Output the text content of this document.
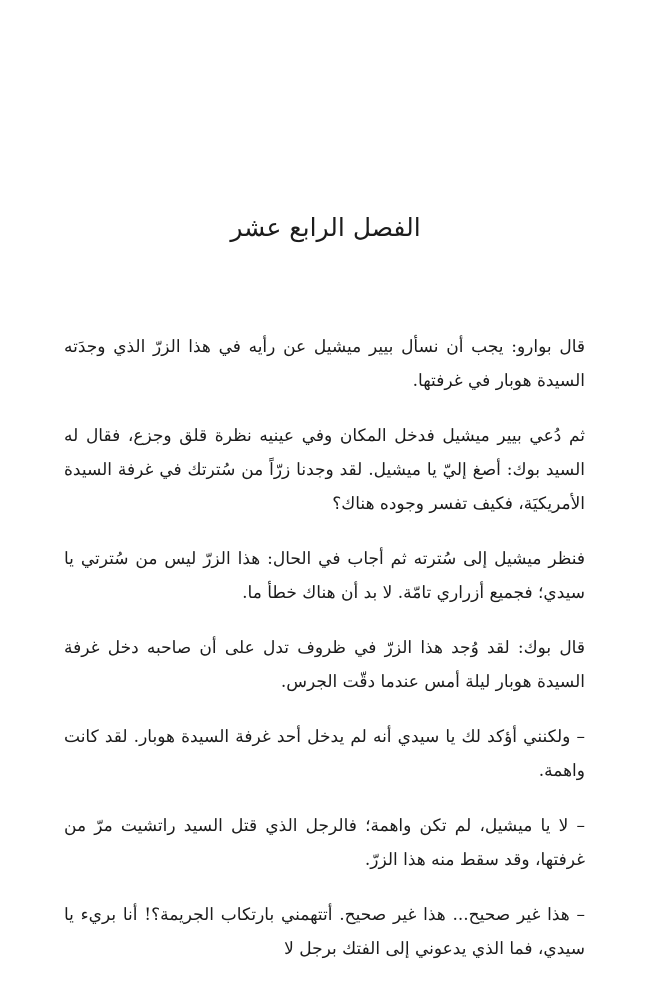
الفصل الرابع عشر

قال بوارو: يجب أن نسأل بيير ميشيل عن رأيه في هذا الزرّ الذي وجدَته السيدة هوبار في غرفتها.

ثم دُعي بيير ميشيل فدخل المكان وفي عينيه نظرة قلق وجزع، فقال له السيد بوك: أصغ إليّ يا ميشيل. لقد وجدنا زرّاً من سُترتك في غرفة السيدة الأمريكيَة، فكيف تفسر وجوده هناك؟

فنظر ميشيل إلى سُترته ثم أجاب في الحال: هذا الزرّ ليس من سُترتي يا سيدي؛ فجميع أزراري تامّة. لا بد أن هناك خطأ ما.

قال بوك: لقد وُجد هذا الزرّ في ظروف تدل على أن صاحبه دخل غرفة السيدة هوبار ليلة أمس عندما دقّت الجرس.

– ولكنني أؤكد لك يا سيدي أنه لم يدخل أحد غرفة السيدة هوبار. لقد كانت واهمة.

– لا يا ميشيل، لم تكن واهمة؛ فالرجل الذي قتل السيد راتشيت مرّ من غرفتها، وقد سقط منه هذا الزرّ.

– هذا غير صحيح... هذا غير صحيح. أتتهمني بارتكاب الجريمة؟! أنا بريء يا سيدي، فما الذي يدعوني إلى الفتك برجل لا
